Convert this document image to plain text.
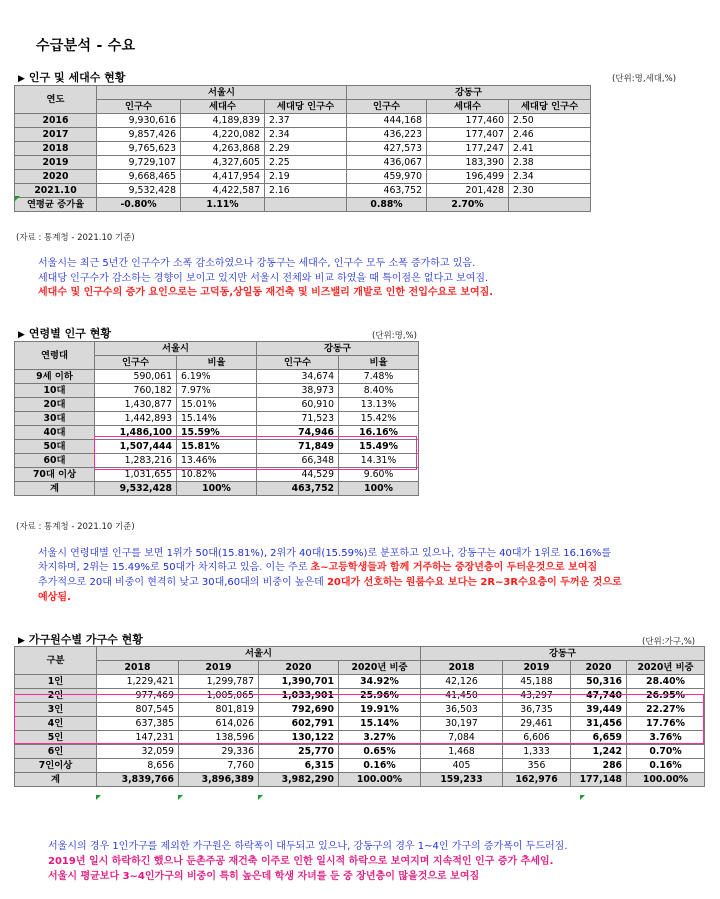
수급분석 - 수요
▶ 인구 및 세대수 현황	(단위:명,세대,%)
연도	서울시			강동구		
	인구수	세대수	세대당 인구수	인구수	세대수	세대당 인구수
2016	9,930,616	4,189,839	2.37	444,168	177,460	2.50
2017	9,857,426	4,220,082	2.34	436,223	177,407	2.46
2018	9,765,623	4,263,868	2.29	427,573	177,247	2.41
2019	9,729,107	4,327,605	2.25	436,067	183,390	2.38
2020	9,668,465	4,417,954	2.19	459,970	196,499	2.34
2021.10	9,532,428	4,422,587	2.16	463,752	201,428	2.30
연평균 증가율	-0.80%	1.11%		0.88%	2.70%	
(자료 : 통계청 - 2021.10 기준)
서울시는 최근 5년간 인구수가 소폭 감소하였으나 강동구는 세대수, 인구수 모두 소폭 증가하고 있음.
세대당 인구수가 감소하는 경향이 보이고 있지만 서울시 전체와 비교 하였을 때 특이점은 없다고 보여짐.
세대수 및 인구수의 증가 요인으로는 고덕동,상일동 재건축 및 비즈밸리 개발로 인한 전입수요로 보여짐.
▶ 연령별 인구 현황	(단위:명,%)
연령대	서울시		강동구	
	인구수	비율	인구수	비율
9세 이하	590,061	6.19%	34,674	7.48%
10대	760,182	7.97%	38,973	8.40%
20대	1,430,877	15.01%	60,910	13.13%
30대	1,442,893	15.14%	71,523	15.42%
40대	1,486,100	15.59%	74,946	16.16%
50대	1,507,444	15.81%	71,849	15.49%
60대	1,283,216	13.46%	66,348	14.31%
70대 이상	1,031,655	10.82%	44,529	9.60%
계	9,532,428	100%	463,752	100%
(자료 : 통계청 - 2021.10 기준)
서울시 연령대별 인구를 보면 1위가 50대(15.81%), 2위가 40대(15.59%)로 분포하고 있으나, 강동구는 40대가 1위로 16.16%를
차지하며, 2위는 15.49%로 50대가 차지하고 있음. 이는 주로 초~고등학생들과 함께 거주하는 중장년층이 두터운것으로 보여짐
추가적으로 20대 비중이 현격히 낮고 30대,60대의 비중이 높은데 20대가 선호하는 원룸수요 보다는 2R~3R수요층이 두꺼운 것으로
예상됨.
▶ 가구원수별 가구수 현황	(단위:가구,%)
구분	서울시				강동구			
	2018	2019	2020	2020년 비중	2018	2019	2020	2020년 비중
1인	1,229,421	1,299,787	1,390,701	34.92%	42,126	45,188	50,316	28.40%
2인	977,469	1,005,065	1,033,901	25.96%	41,450	43,297	47,740	26.95%
3인	807,545	801,819	792,690	19.91%	36,503	36,735	39,449	22.27%
4인	637,385	614,026	602,791	15.14%	30,197	29,461	31,456	17.76%
5인	147,231	138,596	130,122	3.27%	7,084	6,606	6,659	3.76%
6인	32,059	29,336	25,770	0.65%	1,468	1,333	1,242	0.70%
7인이상	8,656	7,760	6,315	0.16%	405	356	286	0.16%
계	3,839,766	3,896,389	3,982,290	100.00%	159,233	162,976	177,148	100.00%
서울시의 경우 1인가구를 제외한 가구원은 하락폭이 대두되고 있으나, 강동구의 경우 1~4인 가구의 증가폭이 두드러짐.
2019년 일시 하락하긴 했으나 둔촌주공 재건축 이주로 인한 일시적 하락으로 보여지며 지속적인 인구 증가 추세임.
서울시 평균보다 3~4인가구의 비중이 특히 높은데 학생 자녀를 둔 중 장년층이 많을것으로 보여짐
